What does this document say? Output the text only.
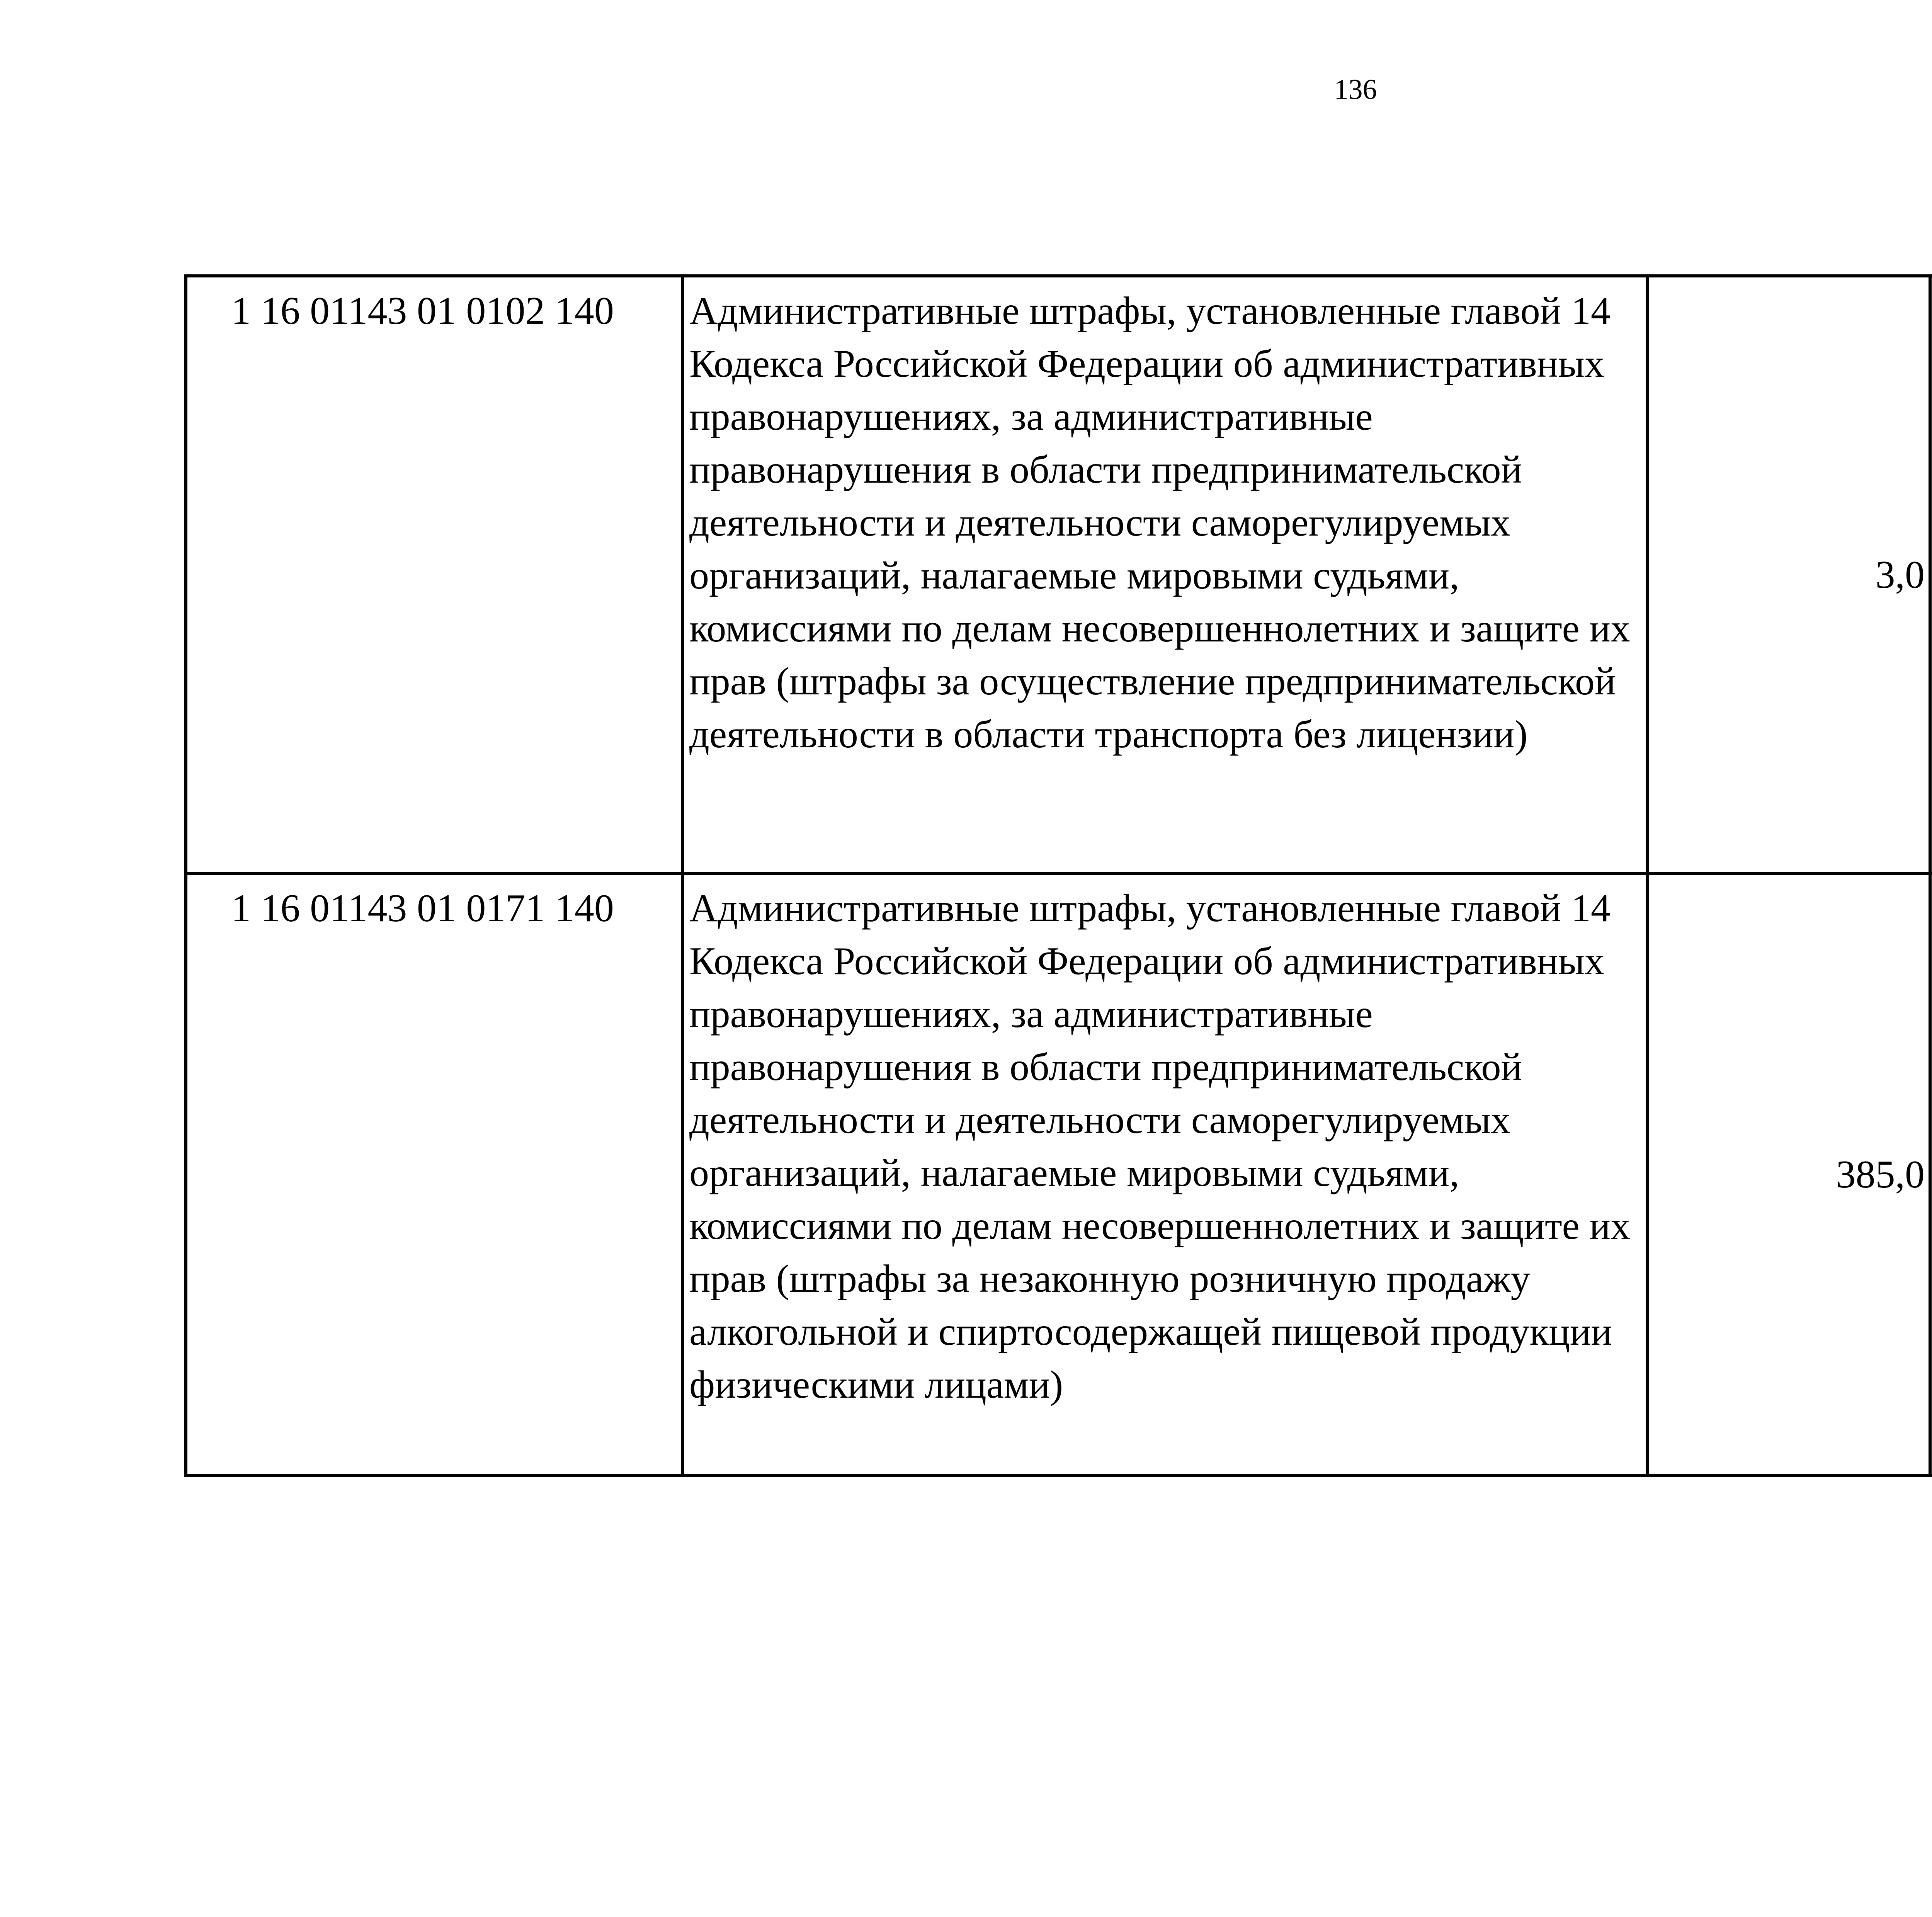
136
1 16 01143 01 0102 140	Административные штрафы, установленные главой 14 Кодекса Российской Федерации об административных правонарушениях, за административные правонарушения в области предпринимательской деятельности и деятельности саморегулируемых организаций, налагаемые мировыми судьями, комиссиями по делам несовершеннолетних и защите их прав (штрафы за осуществление предпринимательской деятельности в области транспорта без лицензии)	3,0		
1 16 01143 01 0171 140	Административные штрафы, установленные главой 14 Кодекса Российской Федерации об административных правонарушениях, за административные правонарушения в области предпринимательской деятельности и деятельности саморегулируемых организаций, налагаемые мировыми судьями, комиссиями по делам несовершеннолетних и защите их прав (штрафы за незаконную розничную продажу алкогольной и спиртосодержащей пищевой продукции физическими лицами)	385,0		
